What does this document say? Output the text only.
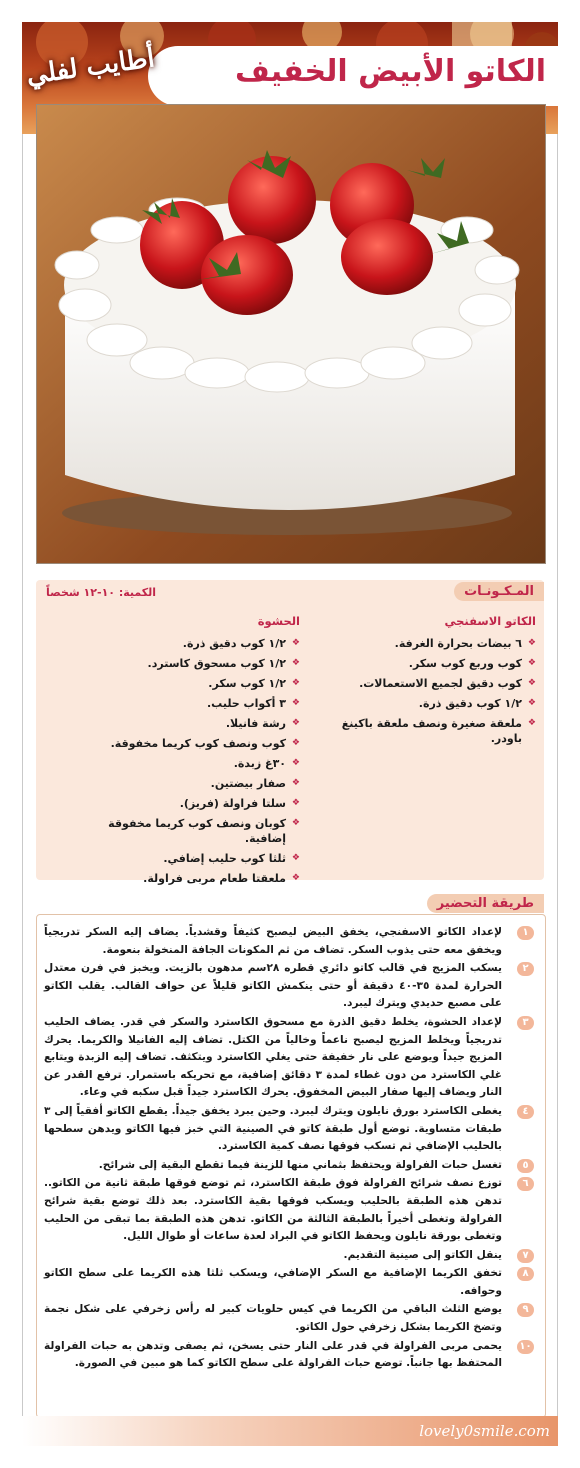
الكاتو الأبيض الخفيف
أطايب لفلي
المـكـونـات
الكمية: ١٠-١٢ شخصاً
الكاتو الاسفنجي
❖ ٦ بيضات بحرارة الغرفة.
❖ كوب وربع كوب سكر.
❖ كوب دقيق لجميع الاستعمالات.
❖ ١/٢ كوب دقيق ذرة.
❖ ملعقة صغيرة ونصف ملعقة باكينغ باودر.
الحشوة
❖ ١/٢ كوب دقيق ذرة.
❖ ١/٢ كوب مسحوق كاسترد.
❖ ١/٢ كوب سكر.
❖ ٣ أكواب حليب.
❖ رشة فانيلا.
❖ كوب ونصف كوب كريما مخفوقة.
❖ ٣٠غ زبدة.
❖ صفار بيضتين.
❖ سلتا فراولة (فريز).
❖ كوبان ونصف كوب كريما مخفوقة إضافية.
❖ ثلثا كوب حليب إضافي.
❖ ملعقتا طعام مربى فراولة.
طريقة التحضير
١
لإعداد الكاتو الاسفنجي، يخفق البيض ليصبح كثيفاً وقشدياً. يضاف إليه السكر تدريجياً ويخفق معه حتى يذوب السكر. تضاف من ثم المكونات الجافة المنخولة بنعومة.
٢
يسكب المزيج في قالب كاتو دائري قطره ٢٨سم مدهون بالزيت. ويخبز في فرن معتدل الحرارة لمدة ٣٥-٤٠ دقيقة أو حتى ينكمش الكاتو قليلاً عن حواف القالب. يقلب الكاتو على مصبع حديدي ويترك ليبرد.
٣
لإعداد الحشوة، يخلط دقيق الذرة مع مسحوق الكاسترد والسكر في قدر. يضاف الحليب تدريجياً ويخلط المزيج ليصبح ناعماً وخالياً من الكتل. تضاف إليه الفانيلا والكريما. يحرك المزيج جيداً ويوضع على نار خفيفة حتى يغلي الكاسترد ويتكثف. تضاف إليه الزبدة ويتابع غلي الكاسترد من دون غطاء لمدة ٣ دقائق إضافية، مع تحريكه باستمرار. ترفع القدر عن النار ويضاف إليها صفار البيض المخفوق. يحرك الكاسترد جيداً قبل سكبه في وعاء.
٤
يغطى الكاسترد بورق نايلون ويترك ليبرد. وحين يبرد يخفق جيداً. يقطع الكاتو أفقياً إلى ٣ طبقات متساوية. توضع أول طبقة كاتو في الصينية التي خبز فيها الكاتو ويدهن سطحها بالحليب الإضافي ثم تسكب فوقها نصف كمية الكاسترد.
٥
تغسل حبات الفراولة ويحتفظ بثماني منها للزينة فيما تقطع البقية إلى شرائح.
٦
توزع نصف شرائح الفراولة فوق طبقة الكاسترد، ثم توضع فوقها طبقة ثانية من الكاتو.. تدهن هذه الطبقة بالحليب ويسكب فوقها بقية الكاسترد. بعد ذلك توضع بقية شرائح الفراولة وتغطى أخيراً بالطبقة الثالثة من الكاتو. تدهن هذه الطبقة بما تبقى من الحليب وتغطى بورقة نايلون ويحفظ الكاتو في البراد لعدة ساعات أو طوال الليل.
٧
ينقل الكاتو إلى صينية التقديم.
٨
تخفق الكريما الإضافية مع السكر الإضافي، ويسكب ثلثا هذه الكريما على سطح الكاتو وحوافه.
٩
يوضع الثلث الباقي من الكريما في كيس حلويات كبير له رأس زخرفي على شكل نجمة وتضخ الكريما بشكل زخرفي حول الكاتو.
١٠
يحمى مربى الفراولة في قدر على النار حتى يسخن، ثم يصفى وتدهن به حبات الفراولة المحتفظ بها جانباً. توضع حبات الفراولة على سطح الكاتو كما هو مبين في الصورة.
lovely0smile.com
